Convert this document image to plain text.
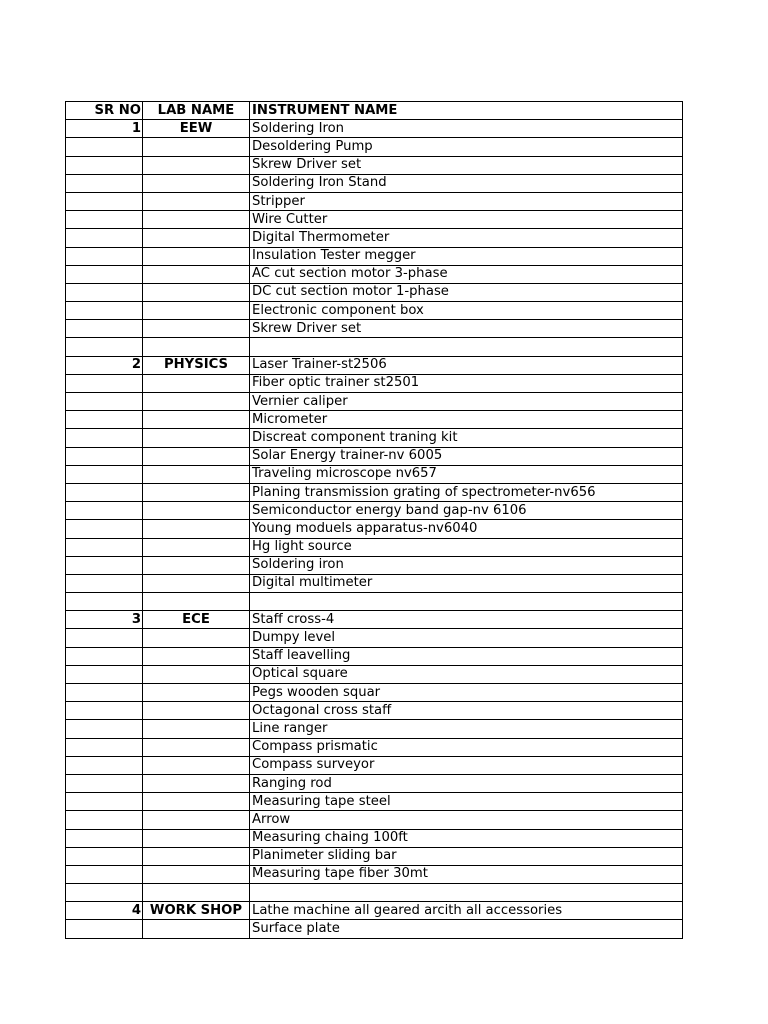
SR NO	LAB NAME	INSTRUMENT NAME
1	EEW	Soldering Iron
		Desoldering Pump
		Skrew Driver set
		Soldering Iron Stand
		Stripper
		Wire Cutter
		Digital Thermometer
		Insulation Tester megger
		AC cut section motor 3-phase
		DC cut section motor 1-phase
		Electronic component box
		Skrew Driver set

2	PHYSICS	Laser Trainer-st2506
		Fiber optic trainer st2501
		Vernier caliper
		Micrometer
		Discreat component traning kit
		Solar Energy trainer-nv 6005
		Traveling microscope nv657
		Planing transmission grating of spectrometer-nv656
		Semiconductor energy band gap-nv 6106
		Young moduels apparatus-nv6040
		Hg light source
		Soldering iron
		Digital multimeter

3	ECE	Staff cross-4
		Dumpy level
		Staff leavelling
		Optical square
		Pegs wooden squar
		Octagonal cross staff
		Line ranger
		Compass prismatic
		Compass surveyor
		Ranging rod
		Measuring tape steel
		Arrow
		Measuring chaing 100ft
		Planimeter sliding bar
		Measuring tape fiber 30mt

4	WORK SHOP	Lathe machine all geared arcith all accessories
		Surface plate
